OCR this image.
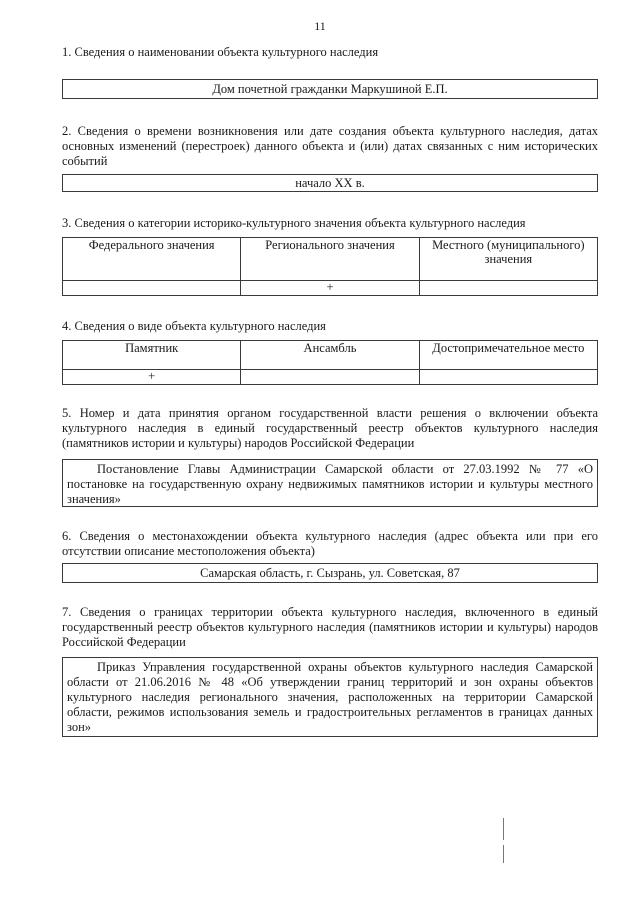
11
1. Сведения о наименовании объекта культурного наследия
Дом почетной гражданки Маркушиной Е.П.
2. Сведения о времени возникновения или дате создания объекта культурного наследия, датах основных изменений (перестроек) данного объекта и (или) датах связанных с ним исторических событий
начало XX в.
3. Сведения о категории историко-культурного значения объекта культурного наследия
Федерального значения	Регионального значения	Местного (муниципального) значения
	+	
4. Сведения о виде объекта культурного наследия
Памятник	Ансамбль	Достопримечательное место
+		
5. Номер и дата принятия органом государственной власти решения о включении объекта культурного наследия в единый государственный реестр объектов культурного наследия (памятников истории и культуры) народов Российской Федерации
Постановление Главы Администрации Самарской области от 27.03.1992 № 77 «О постановке на государственную охрану недвижимых памятников истории и культуры местного значения»
6. Сведения о местонахождении объекта культурного наследия (адрес объекта или при его отсутствии описание местоположения объекта)
Самарская область, г. Сызрань, ул. Советская, 87
7. Сведения о границах территории объекта культурного наследия, включенного в единый государственный реестр объектов культурного наследия (памятников истории и культуры) народов Российской Федерации
Приказ Управления государственной охраны объектов культурного наследия Самарской области от 21.06.2016 № 48 «Об утверждении границ территорий и зон охраны объектов культурного наследия регионального значения, расположенных на территории Самарской области, режимов использования земель и градостроительных регламентов в границах данных зон»
